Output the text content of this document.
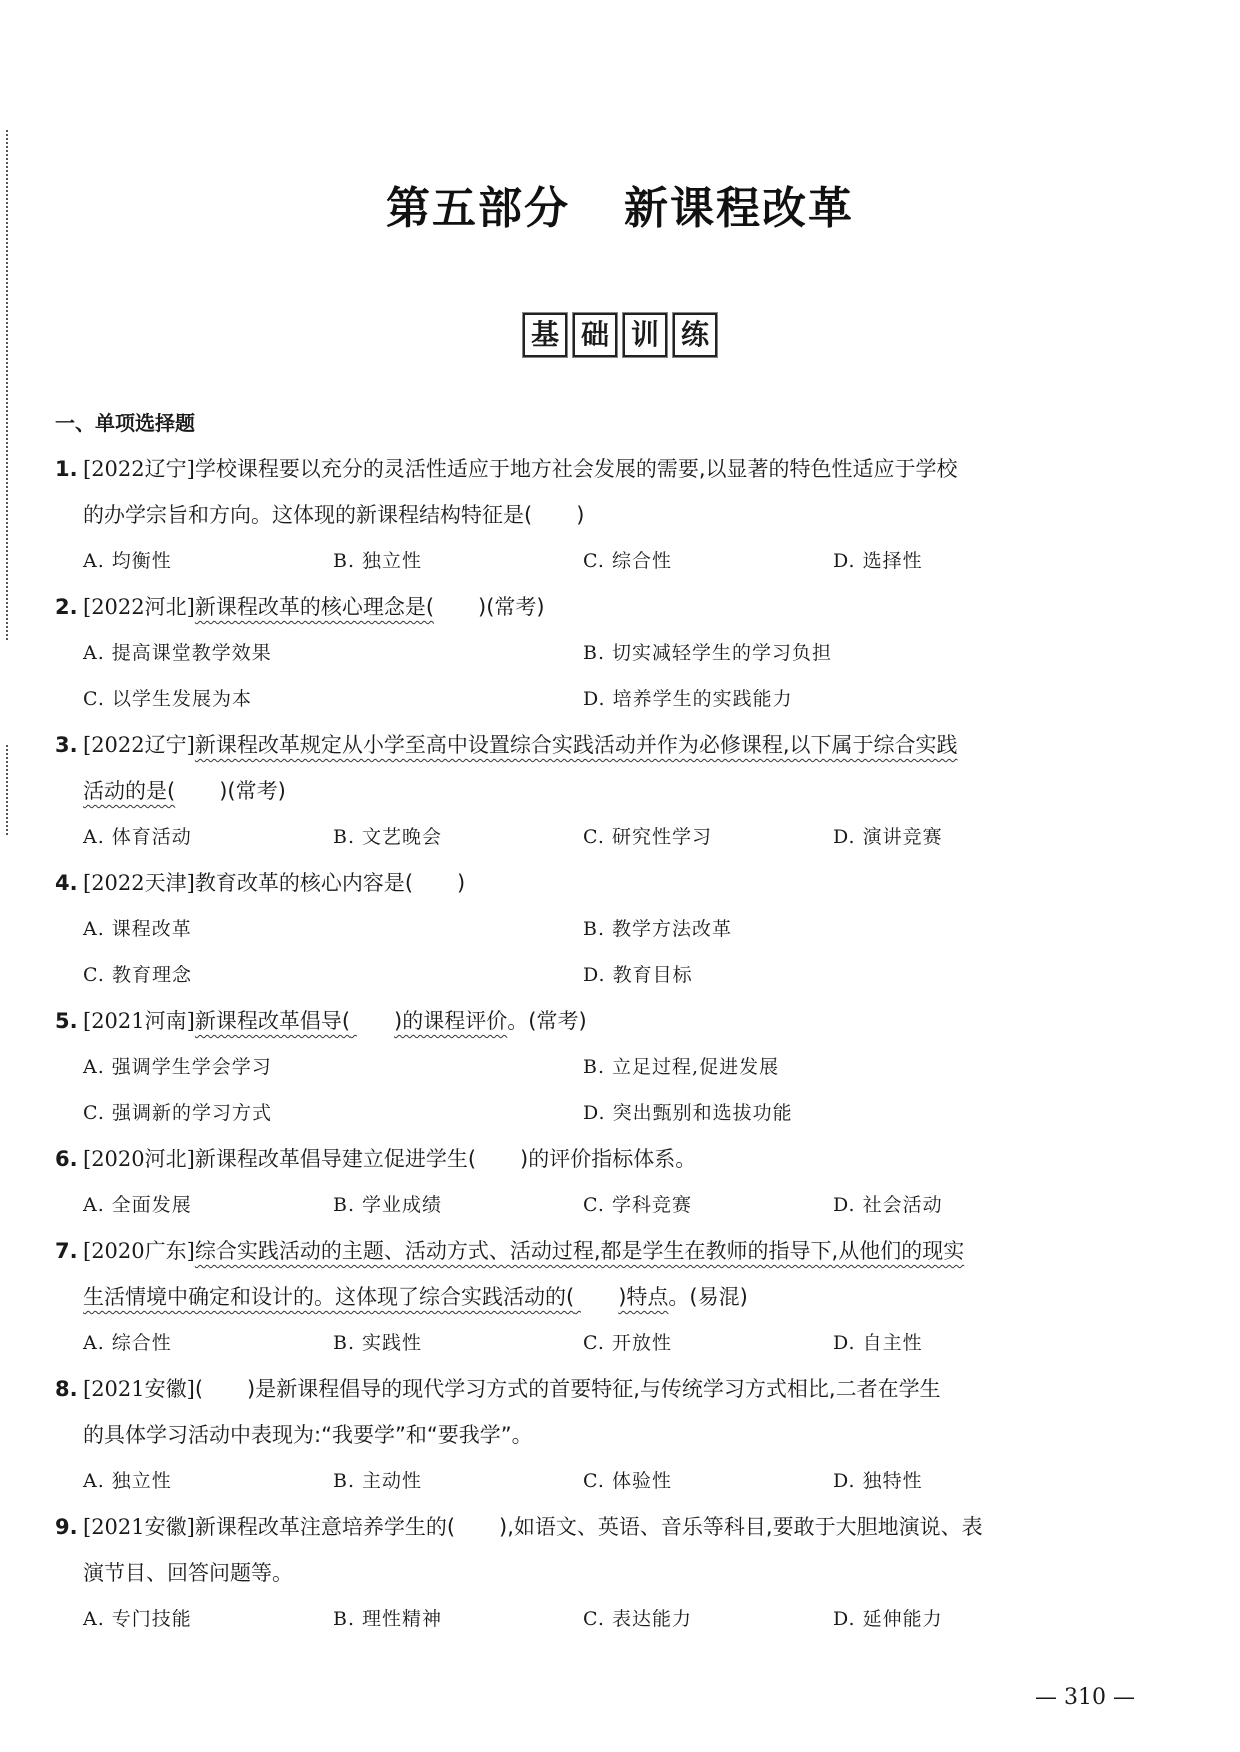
第五部分 新课程改革
基 础 训 练
一、单项选择题
1. [2022辽宁]学校课程要以充分的灵活性适应于地方社会发展的需要,以显著的特色性适应于学校
的办学宗旨和方向。这体现的新课程结构特征是( )
A. 均衡性	B. 独立性	C. 综合性	D. 选择性
2. [2022河北]新课程改革的核心理念是( )(常考)
A. 提高课堂教学效果	B. 切实减轻学生的学习负担
C. 以学生发展为本	D. 培养学生的实践能力
3. [2022辽宁]新课程改革规定从小学至高中设置综合实践活动并作为必修课程,以下属于综合实践
活动的是( )(常考)
A. 体育活动	B. 文艺晚会	C. 研究性学习	D. 演讲竞赛
4. [2022天津]教育改革的核心内容是( )
A. 课程改革	B. 教学方法改革
C. 教育理念	D. 教育目标
5. [2021河南]新课程改革倡导( )的课程评价。(常考)
A. 强调学生学会学习	B. 立足过程,促进发展
C. 强调新的学习方式	D. 突出甄别和选拔功能
6. [2020河北]新课程改革倡导建立促进学生( )的评价指标体系。
A. 全面发展	B. 学业成绩	C. 学科竞赛	D. 社会活动
7. [2020广东]综合实践活动的主题、活动方式、活动过程,都是学生在教师的指导下,从他们的现实
生活情境中确定和设计的。这体现了综合实践活动的( )特点。(易混)
A. 综合性	B. 实践性	C. 开放性	D. 自主性
8. [2021安徽]( )是新课程倡导的现代学习方式的首要特征,与传统学习方式相比,二者在学生
的具体学习活动中表现为:“我要学”和“要我学”。
A. 独立性	B. 主动性	C. 体验性	D. 独特性
9. [2021安徽]新课程改革注意培养学生的( ),如语文、英语、音乐等科目,要敢于大胆地演说、表
演节目、回答问题等。
A. 专门技能	B. 理性精神	C. 表达能力	D. 延伸能力
— 310 —
